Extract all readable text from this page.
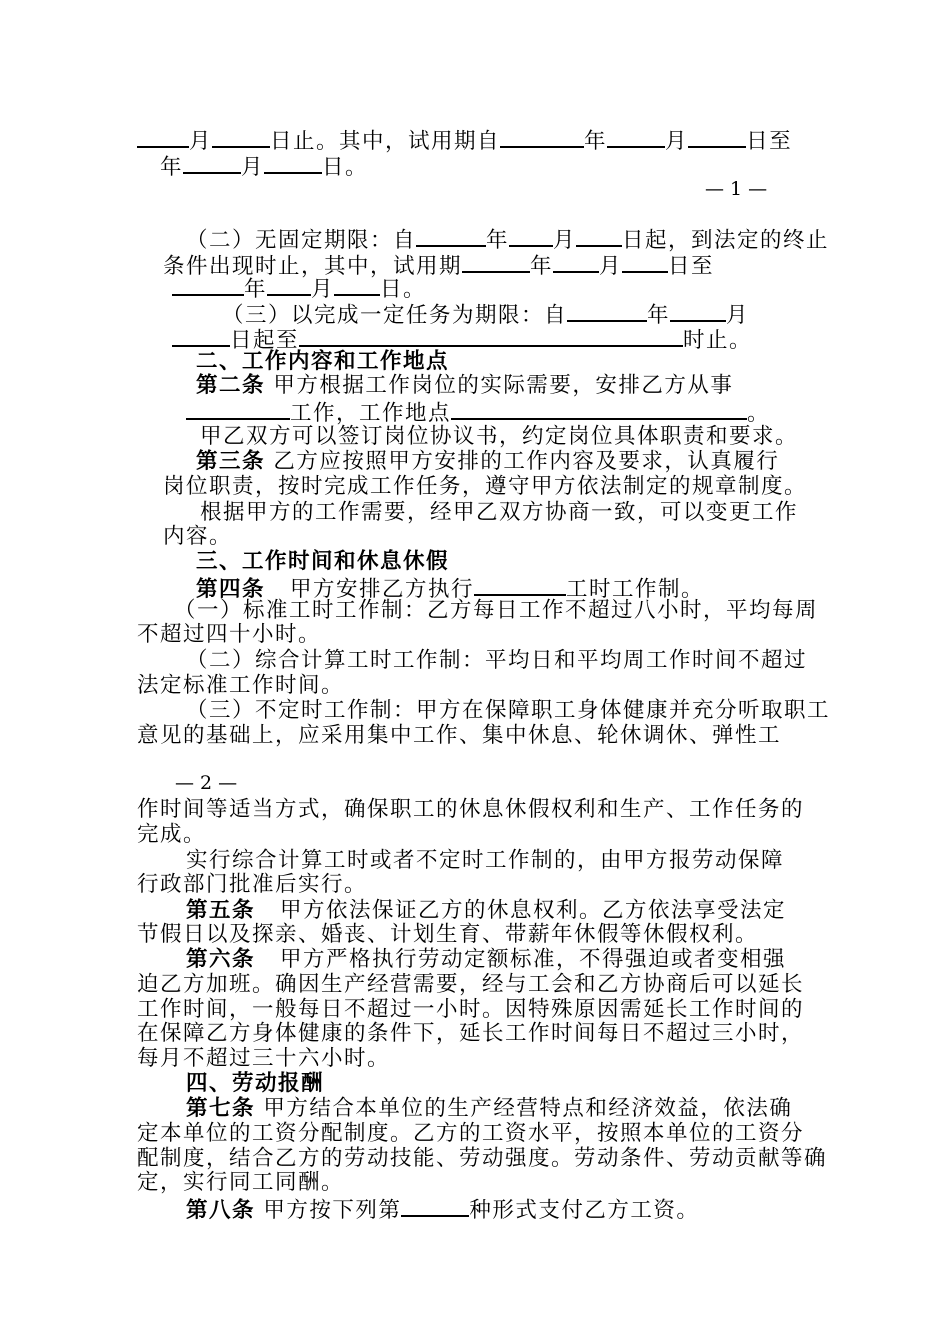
月	日止。其中，试用期自	年	月	日至
年	月	日。
— 1 —
（二）无固定期限：自	年 月 日起，到法定的终止
条件出现时止，其中，试用期	年 月 日至
年 月 日。
（三）以完成一定任务为期限：自	年	月
日起至	时止。
二、工作内容和工作地点
第二条 甲方根据工作岗位的实际需要，安排乙方从事
工作，工作地点	。
甲乙双方可以签订岗位协议书，约定岗位具体职责和要求。
第三条 乙方应按照甲方安排的工作内容及要求，认真履行
岗位职责，按时完成工作任务，遵守甲方依法制定的规章制度。
根据甲方的工作需要，经甲乙双方协商一致，可以变更工作
内容。
三、工作时间和休息休假
第四条 甲方安排乙方执行	工时工作制。
（一）标准工时工作制：乙方每日工作不超过八小时，平均每周
不超过四十小时。
（二）综合计算工时工作制：平均日和平均周工作时间不超过
法定标准工作时间。
（三）不定时工作制：甲方在保障职工身体健康并充分听取职工
意见的基础上，应采用集中工作、集中休息、轮休调休、弹性工
— 2 —
作时间等适当方式，确保职工的休息休假权利和生产、工作任务的
完成。
实行综合计算工时或者不定时工作制的，由甲方报劳动保障
行政部门批准后实行。
第五条 甲方依法保证乙方的休息权利。乙方依法享受法定
节假日以及探亲、婚丧、计划生育、带薪年休假等休假权利。
第六条 甲方严格执行劳动定额标准，不得强迫或者变相强
迫乙方加班。确因生产经营需要，经与工会和乙方协商后可以延长
工作时间，一般每日不超过一小时。因特殊原因需延长工作时间的
在保障乙方身体健康的条件下，延长工作时间每日不超过三小时，
每月不超过三十六小时。
四、劳动报酬
第七条 甲方结合本单位的生产经营特点和经济效益，依法确
定本单位的工资分配制度。乙方的工资水平，按照本单位的工资分
配制度，结合乙方的劳动技能、劳动强度。劳动条件、劳动贡献等确
定，实行同工同酬。
第八条 甲方按下列第	种形式支付乙方工资。
